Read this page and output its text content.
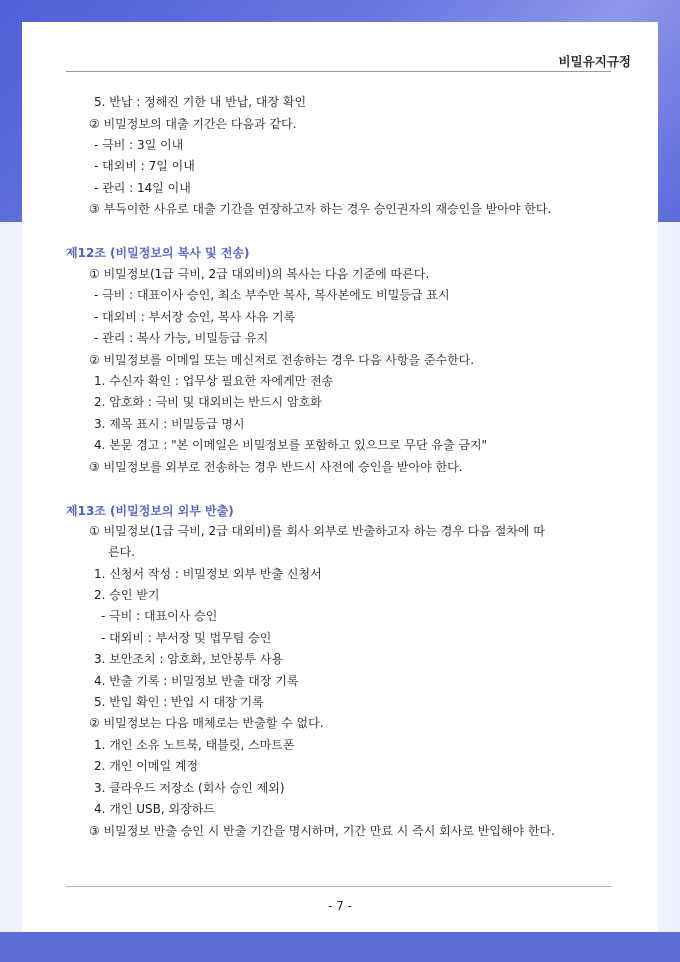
비밀유지규정
5. 반납 : 정해진 기한 내 반납, 대장 확인
② 비밀정보의 대출 기간은 다음과 같다.
- 극비 : 3일 이내
- 대외비 : 7일 이내
- 관리 : 14일 이내
③ 부득이한 사유로 대출 기간을 연장하고자 하는 경우 승인권자의 재승인을 받아야 한다.
제12조 (비밀정보의 복사 및 전송)
① 비밀정보(1급 극비, 2급 대외비)의 복사는 다음 기준에 따른다.
- 극비 : 대표이사 승인, 최소 부수만 복사, 복사본에도 비밀등급 표시
- 대외비 : 부서장 승인, 복사 사유 기록
- 관리 : 복사 가능, 비밀등급 유지
② 비밀정보를 이메일 또는 메신저로 전송하는 경우 다음 사항을 준수한다.
1. 수신자 확인 : 업무상 필요한 자에게만 전송
2. 암호화 : 극비 및 대외비는 반드시 암호화
3. 제목 표시 : 비밀등급 명시
4. 본문 경고 : "본 이메일은 비밀정보를 포함하고 있으므로 무단 유출 금지"
③ 비밀정보를 외부로 전송하는 경우 반드시 사전에 승인을 받아야 한다.
제13조 (비밀정보의 외부 반출)
① 비밀정보(1급 극비, 2급 대외비)를 회사 외부로 반출하고자 하는 경우 다음 절차에 따
른다.
1. 신청서 작성 : 비밀정보 외부 반출 신청서
2. 승인 받기
- 극비 : 대표이사 승인
- 대외비 : 부서장 및 법무팀 승인
3. 보안조치 : 암호화, 보안봉투 사용
4. 반출 기록 : 비밀정보 반출 대장 기록
5. 반입 확인 : 반입 시 대장 기록
② 비밀정보는 다음 매체로는 반출할 수 없다.
1. 개인 소유 노트북, 태블릿, 스마트폰
2. 개인 이메일 계정
3. 클라우드 저장소 (회사 승인 제외)
4. 개인 USB, 외장하드
③ 비밀정보 반출 승인 시 반출 기간을 명시하며, 기간 만료 시 즉시 회사로 반입해야 한다.
- 7 -
